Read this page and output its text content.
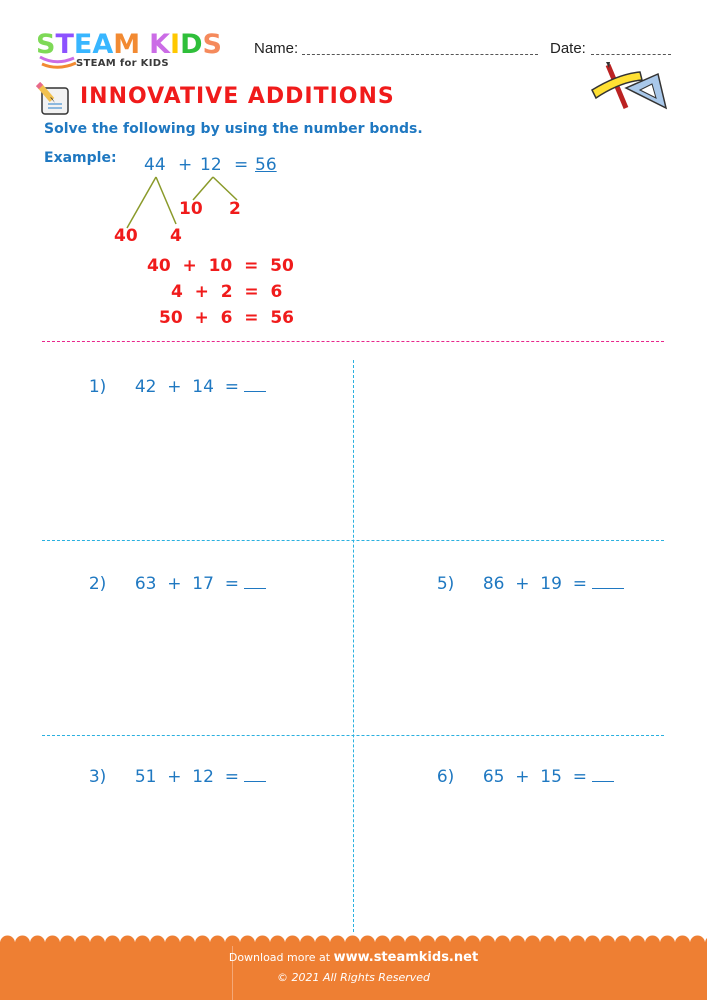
STEAM KIDS
STEAM for KIDS
Name:	Date:
INNOVATIVE ADDITIONS
Solve the following by using the number bonds.
Example: 44 + 12 = 56
10 2
40 4
40  +  10  =  50
4  +  2  =  6
50  +  6  =  56

1) 42  +  14  =

2) 63  +  17  =

3) 51  +  12  =

5) 86  +  19  =

6) 65  +  15  =

Download more at www.steamkids.net
© 2021 All Rights Reserved
